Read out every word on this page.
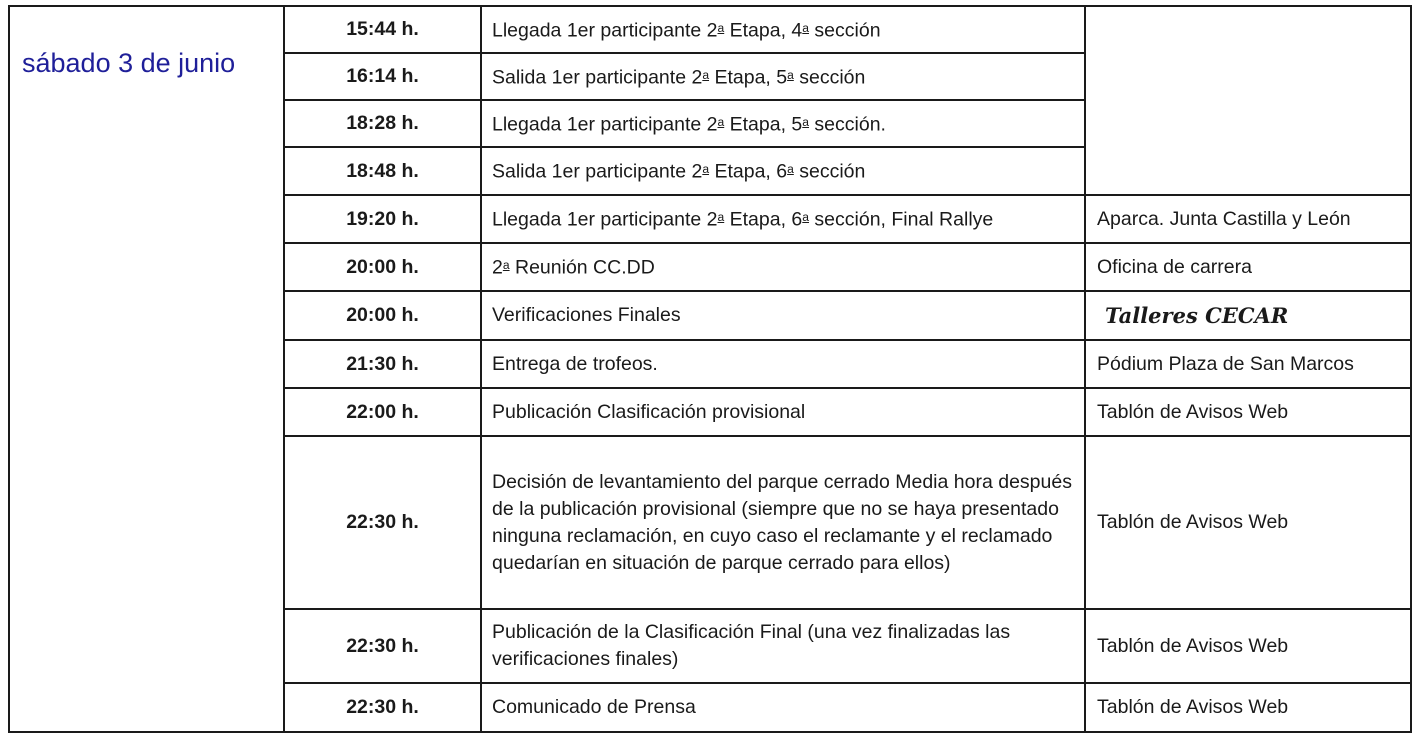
sábado 3 de junio	15:44 h.	Llegada 1er participante 2$^a$ Etapa, 4$^a$ sección	
	16:14 h.	Salida 1er participante 2$^a$ Etapa, 5$^a$ sección	
	18:28 h.	Llegada 1er participante 2$^a$ Etapa, 5$^a$ sección.	
	18:48 h.	Salida 1er participante 2$^a$ Etapa, 6$^a$ sección	
	19:20 h.	Llegada 1er participante 2$^a$ Etapa, 6$^a$ sección, Final Rallye	Aparca. Junta Castilla y León
	20:00 h.	2$^a$ Reunión CC.DD	Oficina de carrera
	20:00 h.	Verificaciones Finales	Talleres CECAR
	21:30 h.	Entrega de trofeos.	Pódium Plaza de San Marcos
	22:00 h.	Publicación Clasificación provisional	Tablón de Avisos Web
	22:30 h.	Decisión de levantamiento del parque cerrado Media hora después de la publicación provisional (siempre que no se haya presentado ninguna reclamación, en cuyo caso el reclamante y el reclamado quedarían en situación de parque cerrado para ellos)	Tablón de Avisos Web
	22:30 h.	Publicación de la Clasificación Final (una vez finalizadas las verificaciones finales)	Tablón de Avisos Web
	22:30 h.	Comunicado de Prensa	Tablón de Avisos Web
